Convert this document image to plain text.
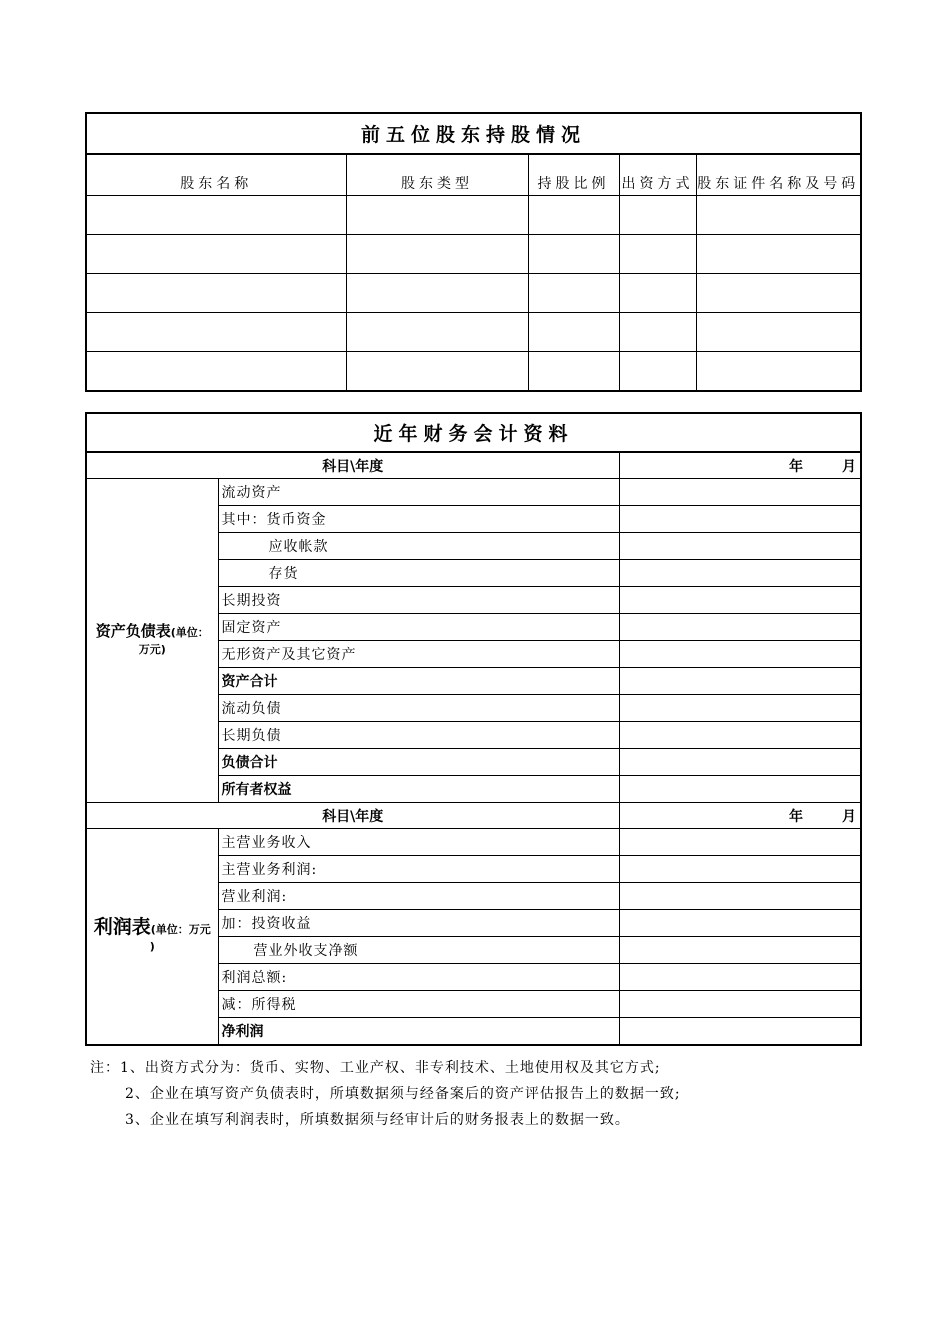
前五位股东持股情况				
股东名称	股东类型	持股比例	出资方式	股东证件名称及号码

近年财务会计资料		
科目\年度		年        月
资产负债表(单位：
万元)	流动资产	
	其中：货币资金	
	应收帐款	
	存货	
	长期投资	
	固定资产	
	无形资产及其它资产	
	资产合计	
	流动负债	
	长期负债	
	负债合计	
	所有者权益	
科目\年度		年        月
利润表(单位：万元
)	主营业务收入	
	主营业务利润:	
	营业利润:	
	加：投资收益	
	营业外收支净额	
	利润总额:	
	减：所得税	
	净利润	
注：1、出资方式分为：货币、实物、工业产权、非专利技术、土地使用权及其它方式;
2、企业在填写资产负债表时，所填数据须与经备案后的资产评估报告上的数据一致;
3、企业在填写利润表时，所填数据须与经审计后的财务报表上的数据一致。
